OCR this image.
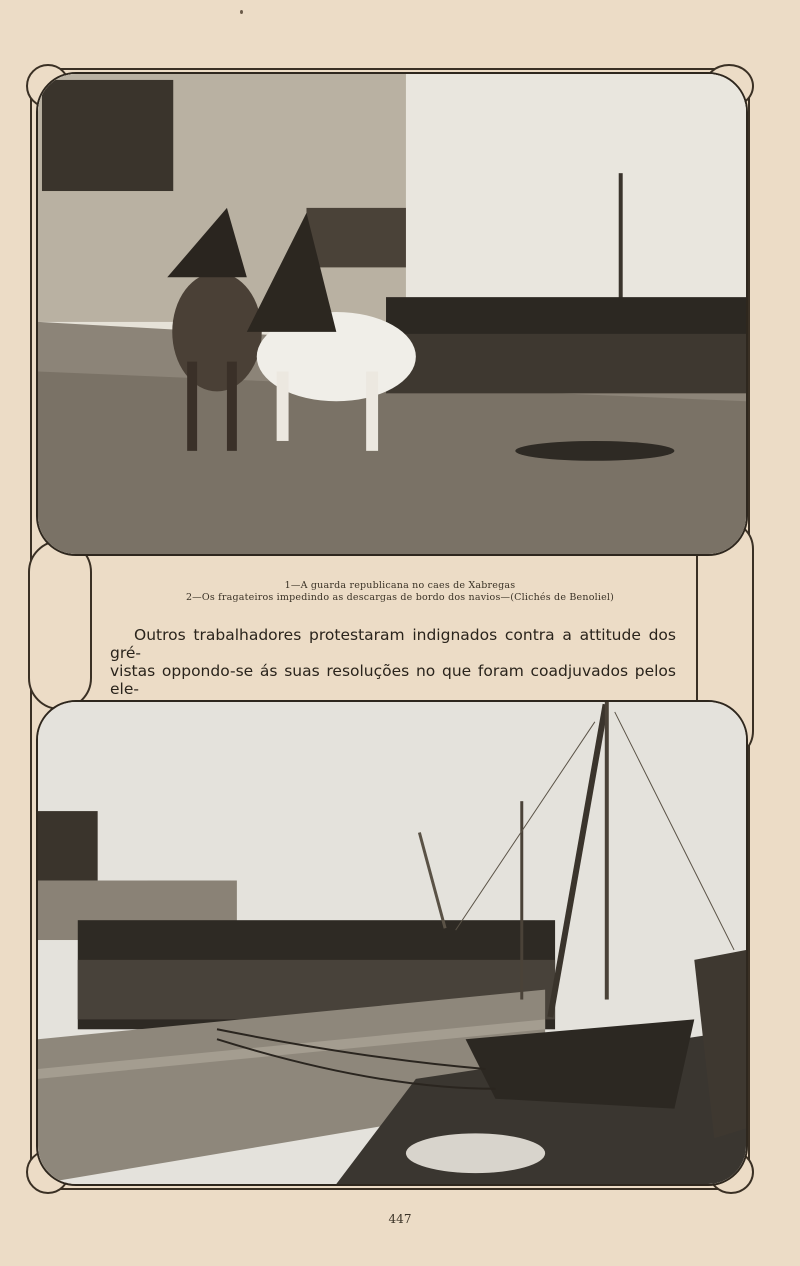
1—A guarda republicana no caes de Xabregas
2—Os fragateiros impedindo as descargas de bordo dos navios—(Clichés de Benoliel)
Outros trabalhadores protestaram indignados contra a attitude dos gré-
vistas oppondo-se ás suas resoluções no que foram coadjuvados pelos ele-
447
